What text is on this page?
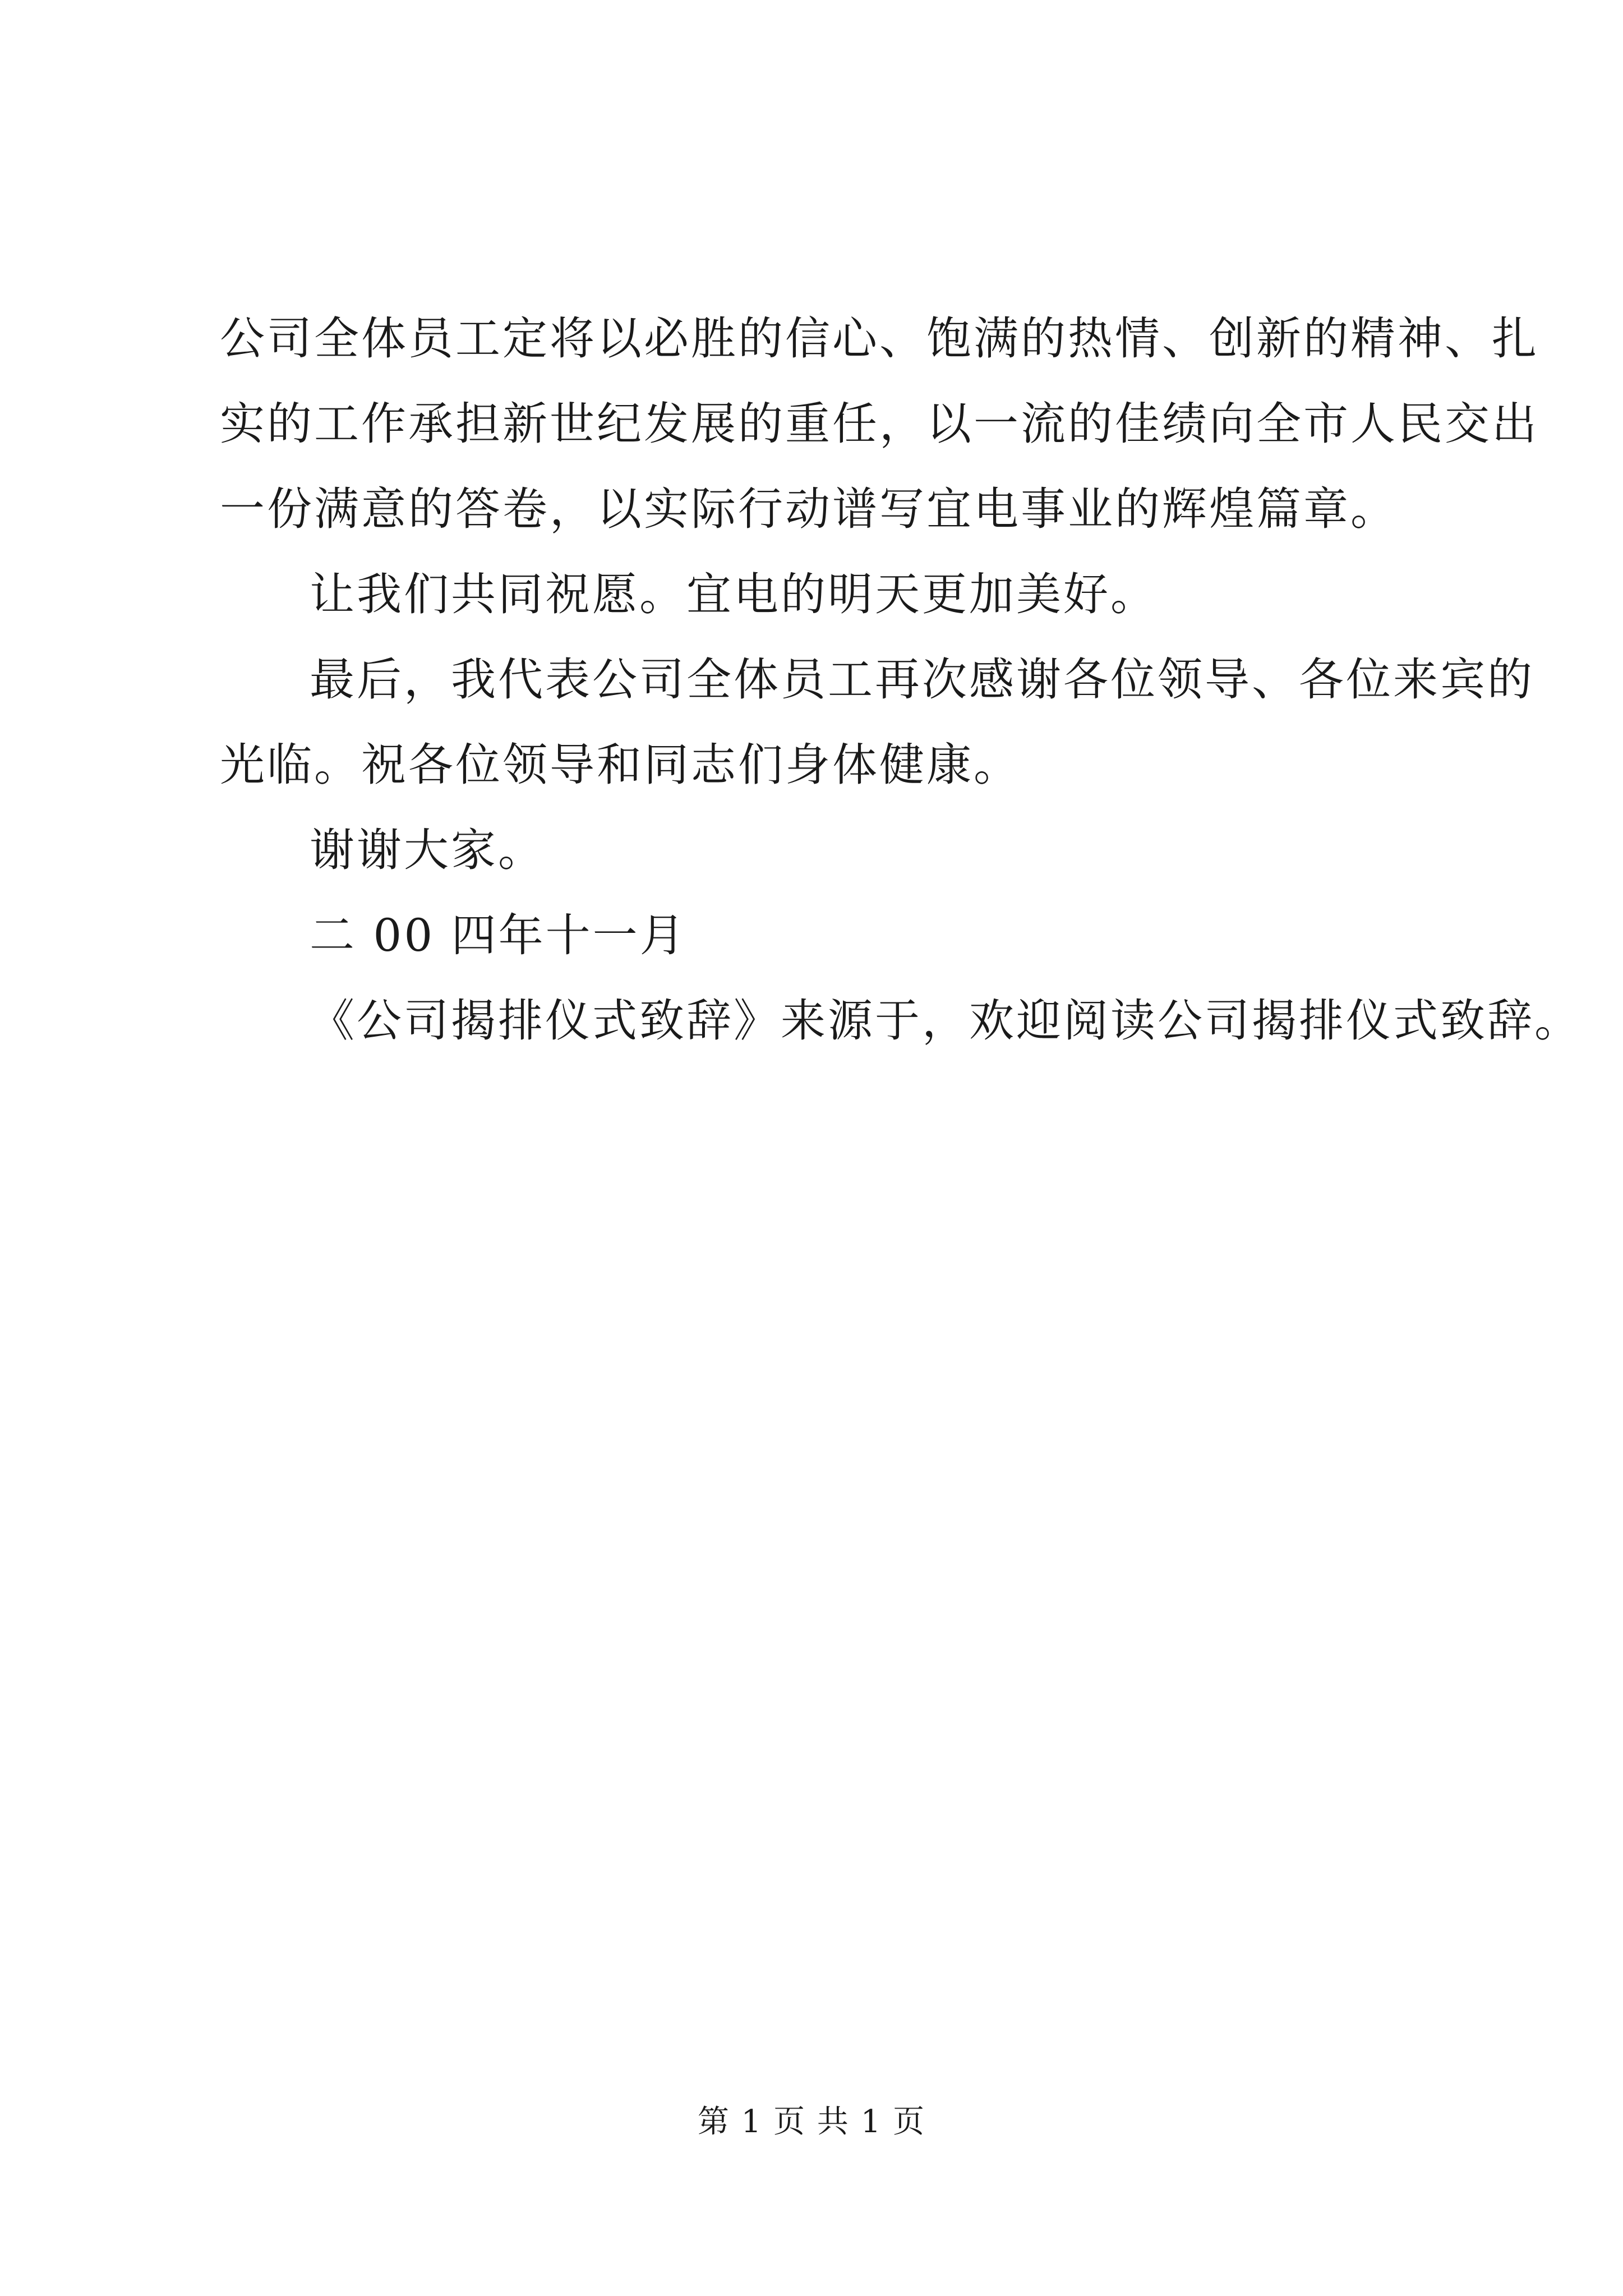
公司全体员工定将以必胜的信心、饱满的热情、创新的精神、扎

实的工作承担新世纪发展的重任，以一流的佳绩向全市人民交出

一份满意的答卷，以实际行动谱写宜电事业的辉煌篇章。

让我们共同祝愿。宜电的明天更加美好。

最后，我代表公司全体员工再次感谢各位领导、各位来宾的

光临。祝各位领导和同志们身体健康。

谢谢大家。

二 00 四年十一月

《公司揭排仪式致辞》来源于，欢迎阅读公司揭排仪式致辞。

第 1 页 共 1 页
